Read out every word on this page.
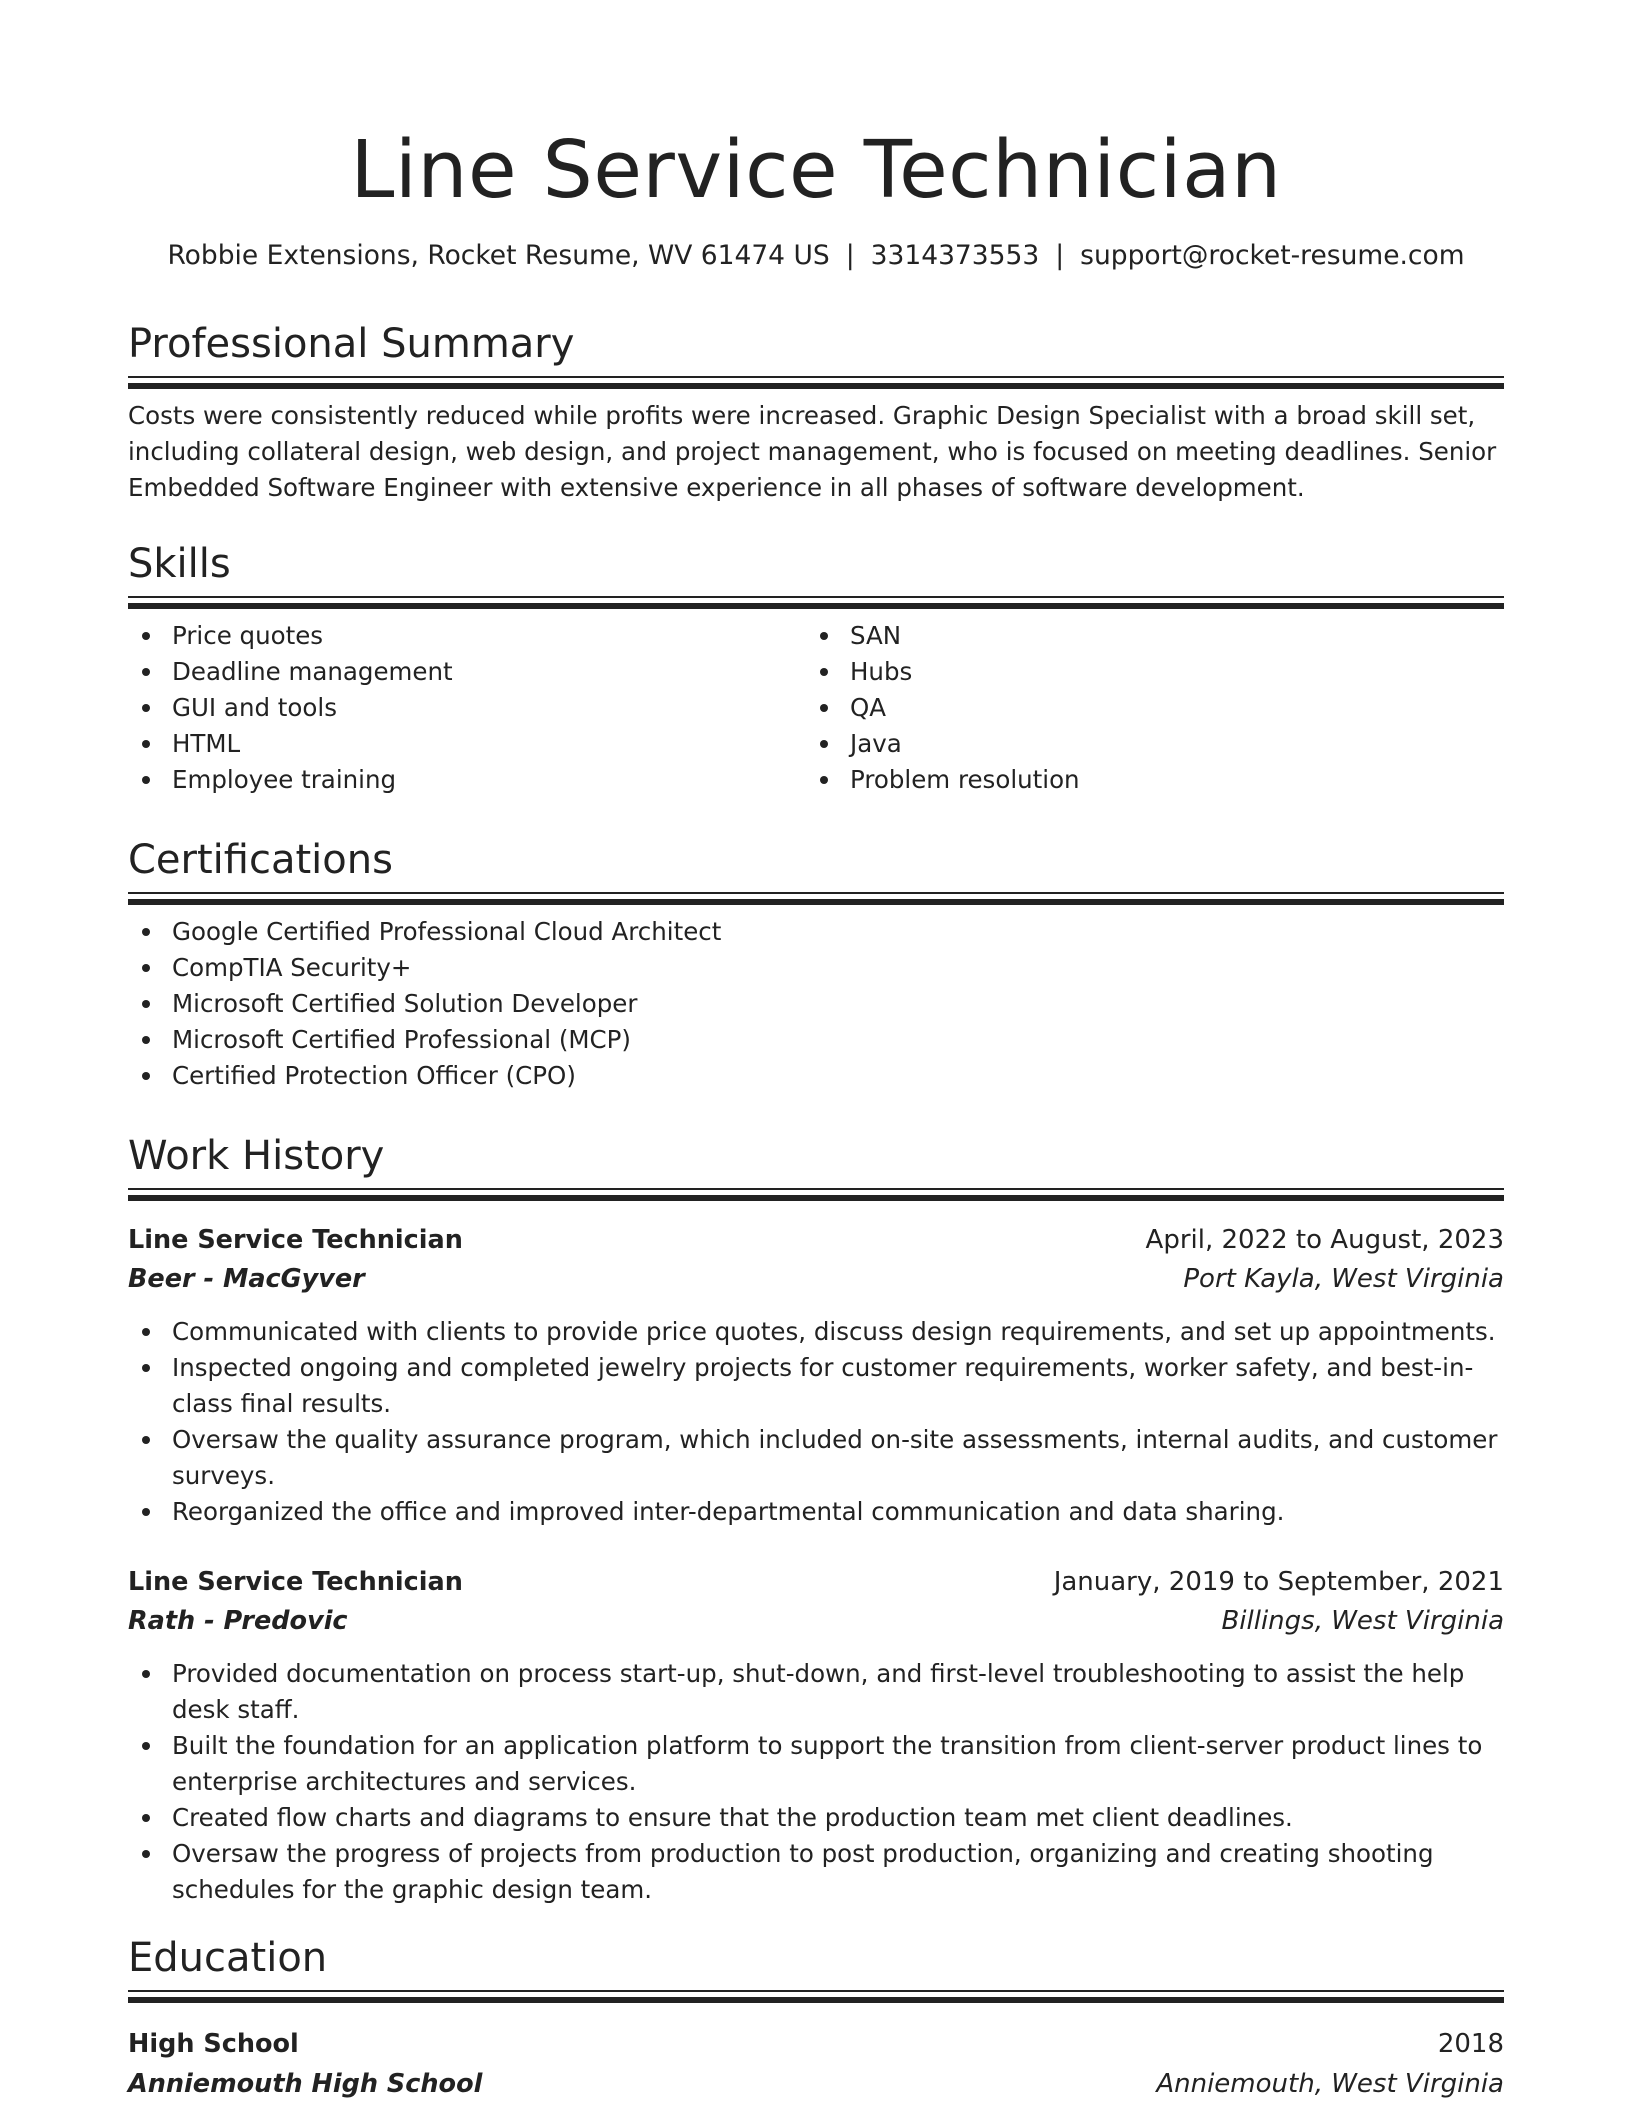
Line Service Technician
Robbie Extensions, Rocket Resume, WV 61474 US | 3314373553 | support@rocket-resume.com
Professional Summary
Costs were consistently reduced while profits were increased. Graphic Design Specialist with a broad skill set, including collateral design, web design, and project management, who is focused on meeting deadlines. Senior Embedded Software Engineer with extensive experience in all phases of software development.
Skills
Price quotes
Deadline management
GUI and tools
HTML
Employee training
SAN
Hubs
QA
Java
Problem resolution
Certifications
Google Certified Professional Cloud Architect
CompTIA Security+
Microsoft Certified Solution Developer
Microsoft Certified Professional (MCP)
Certified Protection Officer (CPO)
Work History
Line Service Technician	April, 2022 to August, 2023
Beer - MacGyver	Port Kayla, West Virginia
Communicated with clients to provide price quotes, discuss design requirements, and set up appointments.
Inspected ongoing and completed jewelry projects for customer requirements, worker safety, and best-in-class final results.
Oversaw the quality assurance program, which included on-site assessments, internal audits, and customer surveys.
Reorganized the office and improved inter-departmental communication and data sharing.
Line Service Technician	January, 2019 to September, 2021
Rath - Predovic	Billings, West Virginia
Provided documentation on process start-up, shut-down, and first-level troubleshooting to assist the help desk staff.
Built the foundation for an application platform to support the transition from client-server product lines to enterprise architectures and services.
Created flow charts and diagrams to ensure that the production team met client deadlines.
Oversaw the progress of projects from production to post production, organizing and creating shooting schedules for the graphic design team.
Education
High School	2018
Anniemouth High School	Anniemouth, West Virginia
